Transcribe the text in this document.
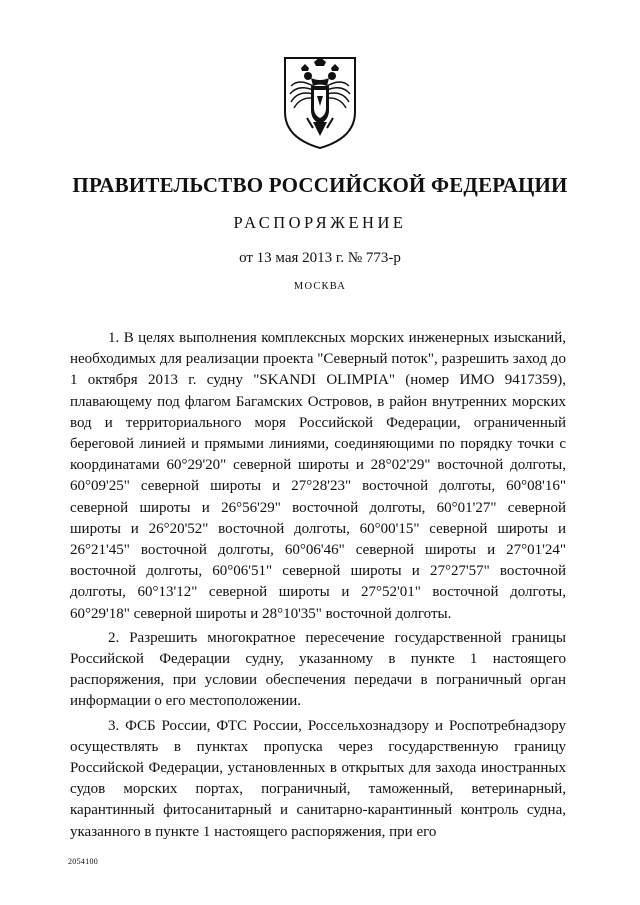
ПРАВИТЕЛЬСТВО РОССИЙСКОЙ ФЕДЕРАЦИИ
РАСПОРЯЖЕНИЕ
от 13 мая 2013 г. № 773-р
МОСКВА

1. В целях выполнения комплексных морских инженерных изысканий, необходимых для реализации проекта "Северный поток", разрешить заход до 1 октября 2013 г. судну "SKANDI OLIMPIA" (номер ИМО 9417359), плавающему под флагом Багамских Островов, в район внутренних морских вод и территориального моря Российской Федерации, ограниченный береговой линией и прямыми линиями, соединяющими по порядку точки с координатами 60°29'20" северной широты и 28°02'29" восточной долготы, 60°09'25" северной широты и 27°28'23" восточной долготы, 60°08'16" северной широты и 26°56'29" восточной долготы, 60°01'27" северной широты и 26°20'52" восточной долготы, 60°00'15" северной широты и 26°21'45" восточной долготы, 60°06'46" северной широты и 27°01'24" восточной долготы, 60°06'51" северной широты и 27°27'57" восточной долготы, 60°13'12" северной широты и 27°52'01" восточной долготы, 60°29'18" северной широты и 28°10'35" восточной долготы.

2. Разрешить многократное пересечение государственной границы Российской Федерации судну, указанному в пункте 1 настоящего распоряжения, при условии обеспечения передачи в пограничный орган информации о его местоположении.

3. ФСБ России, ФТС России, Россельхознадзору и Роспотребнадзору осуществлять в пунктах пропуска через государственную границу Российской Федерации, установленных в открытых для захода иностранных судов морских портах, пограничный, таможенный, ветеринарный, карантинный фитосанитарный и санитарно-карантинный контроль судна, указанного в пункте 1 настоящего распоряжения, при его

2054100
